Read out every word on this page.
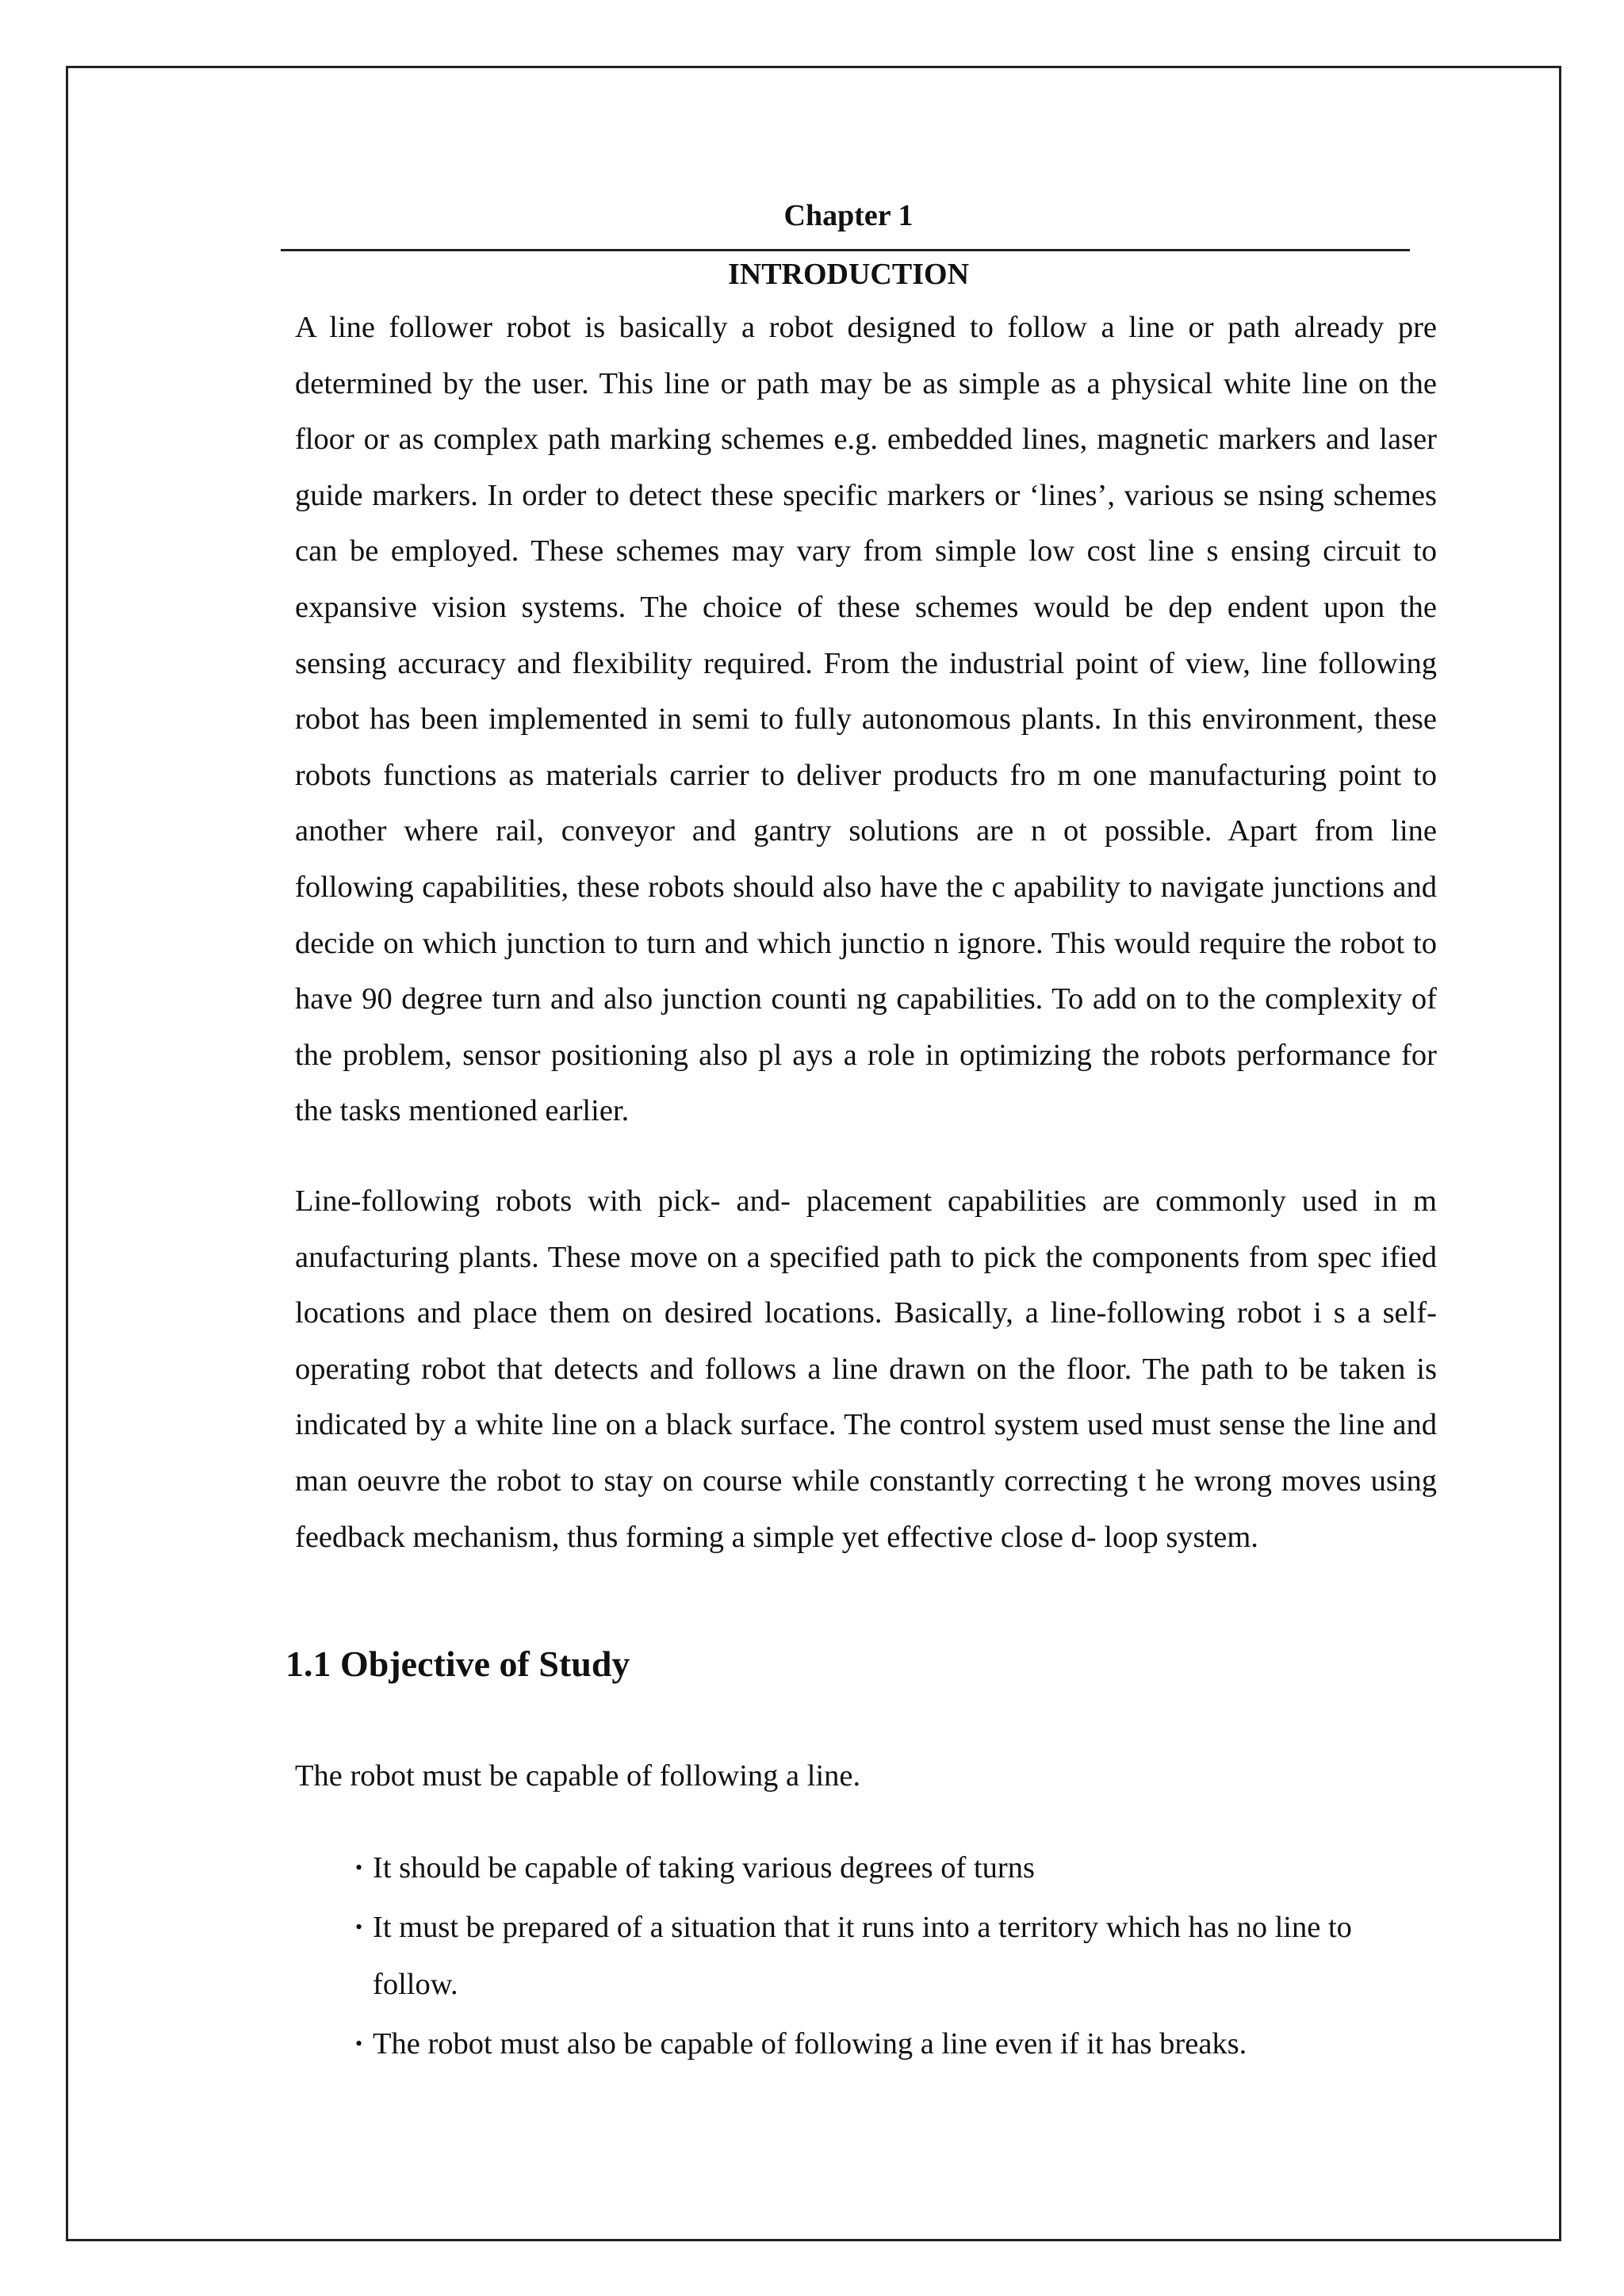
Chapter 1
INTRODUCTION

A line follower robot is basically a robot designed to follow a line or path already pre determined by the user. This line or path may be as simple as a physical white line on the floor or as complex path marking schemes e.g. embedded lines, magnetic markers and laser guide markers. In order to detect these specific markers or ‘lines’, various se nsing schemes can be employed. These schemes may vary from simple low cost line s ensing circuit to expansive vision systems. The choice of these schemes would be dep endent upon the sensing accuracy and flexibility required. From the industrial point of view, line following robot has been implemented in semi to fully autonomous plants. In this environment, these robots functions as materials carrier to deliver products fro m one manufacturing point to another where rail, conveyor and gantry solutions are n ot possible. Apart from line following capabilities, these robots should also have the c apability to navigate junctions and decide on which junction to turn and which junctio n ignore. This would require the robot to have 90 degree turn and also junction counti ng capabilities. To add on to the complexity of the problem, sensor positioning also pl ays a role in optimizing the robots performance for the tasks mentioned earlier.

Line-following robots with pick- and- placement capabilities are commonly used in m anufacturing plants. These move on a specified path to pick the components from spec ified locations and place them on desired locations. Basically, a line-following robot i s a self-operating robot that detects and follows a line drawn on the floor. The path to be taken is indicated by a white line on a black surface. The control system used must sense the line and man oeuvre the robot to stay on course while constantly correcting t he wrong moves using feedback mechanism, thus forming a simple yet effective close d- loop system.

1.1 Objective of Study

The robot must be capable of following a line.

• It should be capable of taking various degrees of turns
• It must be prepared of a situation that it runs into a territory which has no line to follow.
• The robot must also be capable of following a line even if it has breaks.
